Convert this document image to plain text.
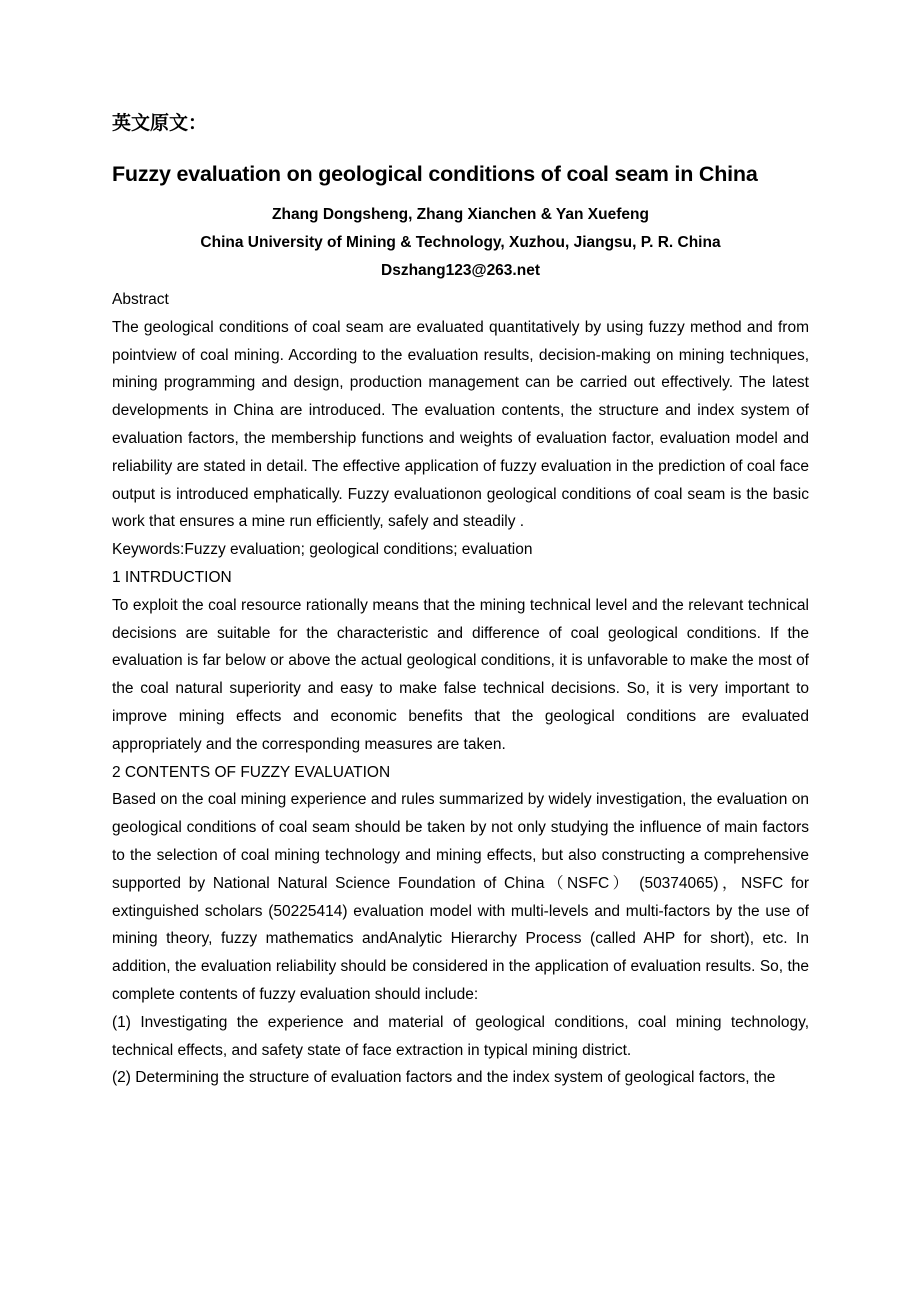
英文原文：
Fuzzy evaluation on geological conditions of coal seam in China

Zhang Dongsheng, Zhang Xianchen & Yan Xuefeng

China University of Mining & Technology, Xuzhou, Jiangsu, P. R. China

Dszhang123@263.net

Abstract

The geological conditions of coal seam are evaluated quantitatively by using fuzzy method and from pointview of coal mining. According to the evaluation results, decision-making on mining techniques, mining programming and design, production management can be carried out effectively. The latest developments in China are introduced. The evaluation contents, the structure and index system of evaluation factors, the membership functions and weights of evaluation factor, evaluation model and reliability are stated in detail. The effective application of fuzzy evaluation in the prediction of coal face output is introduced emphatically. Fuzzy evaluationon geological conditions of coal seam is the basic work that ensures a mine run efficiently, safely and steadily .

Keywords:Fuzzy evaluation; geological conditions; evaluation

1 INTRDUCTION

To exploit the coal resource rationally means that the mining technical level and the relevant technical decisions are suitable for the characteristic and difference of coal geological conditions. If the evaluation is far below or above the actual geological conditions, it is unfavorable to make the most of the coal natural superiority and easy to make false technical decisions. So, it is very important to improve mining effects and economic benefits that the geological conditions are evaluated appropriately and the corresponding measures are taken.

2 CONTENTS OF FUZZY EVALUATION

Based on the coal mining experience and rules summarized by widely investigation, the evaluation on geological conditions of coal seam should be taken by not only studying the influence of main factors to the selection of coal mining technology and mining effects, but also constructing a comprehensive supported by National Natural Science Foundation of China（NSFC） (50374065)，NSFC for extinguished scholars (50225414) evaluation model with multi-levels and multi-factors by the use of mining theory, fuzzy mathematics andAnalytic Hierarchy Process (called AHP for short), etc. In addition, the evaluation reliability should be considered in the application of evaluation results. So, the complete contents of fuzzy evaluation should include:

(1) Investigating the experience and material of geological conditions, coal mining technology, technical effects, and safety state of face extraction in typical mining district.

(2) Determining the structure of evaluation factors and the index system of geological factors, the
